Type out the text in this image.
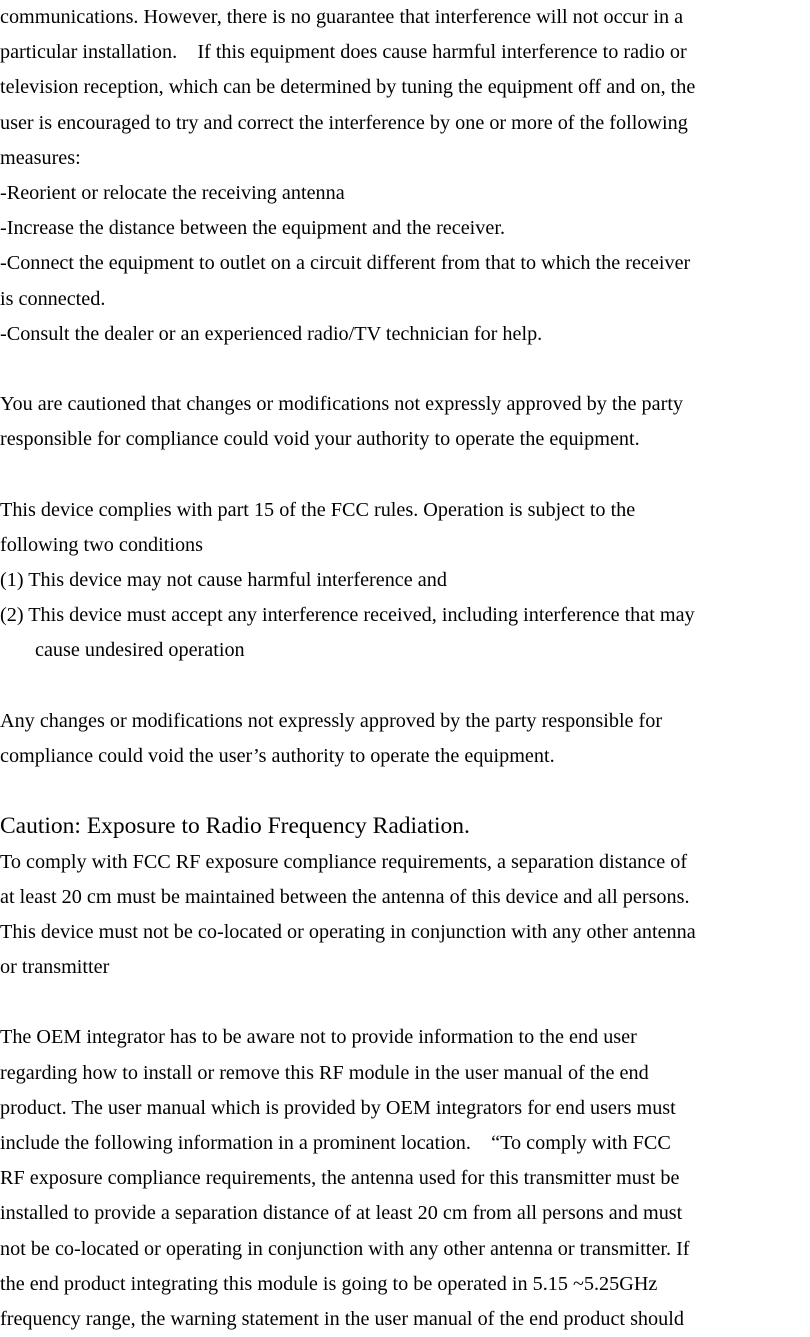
communications. However, there is no guarantee that interference will not occur in a
particular installation.    If this equipment does cause harmful interference to radio or
television reception, which can be determined by tuning the equipment off and on, the
user is encouraged to try and correct the interference by one or more of the following
measures:
-Reorient or relocate the receiving antenna
-Increase the distance between the equipment and the receiver.
-Connect the equipment to outlet on a circuit different from that to which the receiver
is connected.
-Consult the dealer or an experienced radio/TV technician for help.
You are cautioned that changes or modifications not expressly approved by the party
responsible for compliance could void your authority to operate the equipment.
This device complies with part 15 of the FCC rules. Operation is subject to the
following two conditions
(1) This device may not cause harmful interference and
(2) This device must accept any interference received, including interference that may
cause undesired operation
Any changes or modifications not expressly approved by the party responsible for
compliance could void the user’s authority to operate the equipment.
Caution: Exposure to Radio Frequency Radiation.
To comply with FCC RF exposure compliance requirements, a separation distance of
at least 20 cm must be maintained between the antenna of this device and all persons.
This device must not be co-located or operating in conjunction with any other antenna
or transmitter
The OEM integrator has to be aware not to provide information to the end user
regarding how to install or remove this RF module in the user manual of the end
product. The user manual which is provided by OEM integrators for end users must
include the following information in a prominent location.    “To comply with FCC
RF exposure compliance requirements, the antenna used for this transmitter must be
installed to provide a separation distance of at least 20 cm from all persons and must
not be co-located or operating in conjunction with any other antenna or transmitter. If
the end product integrating this module is going to be operated in 5.15 ~5.25GHz
frequency range, the warning statement in the user manual of the end product should
